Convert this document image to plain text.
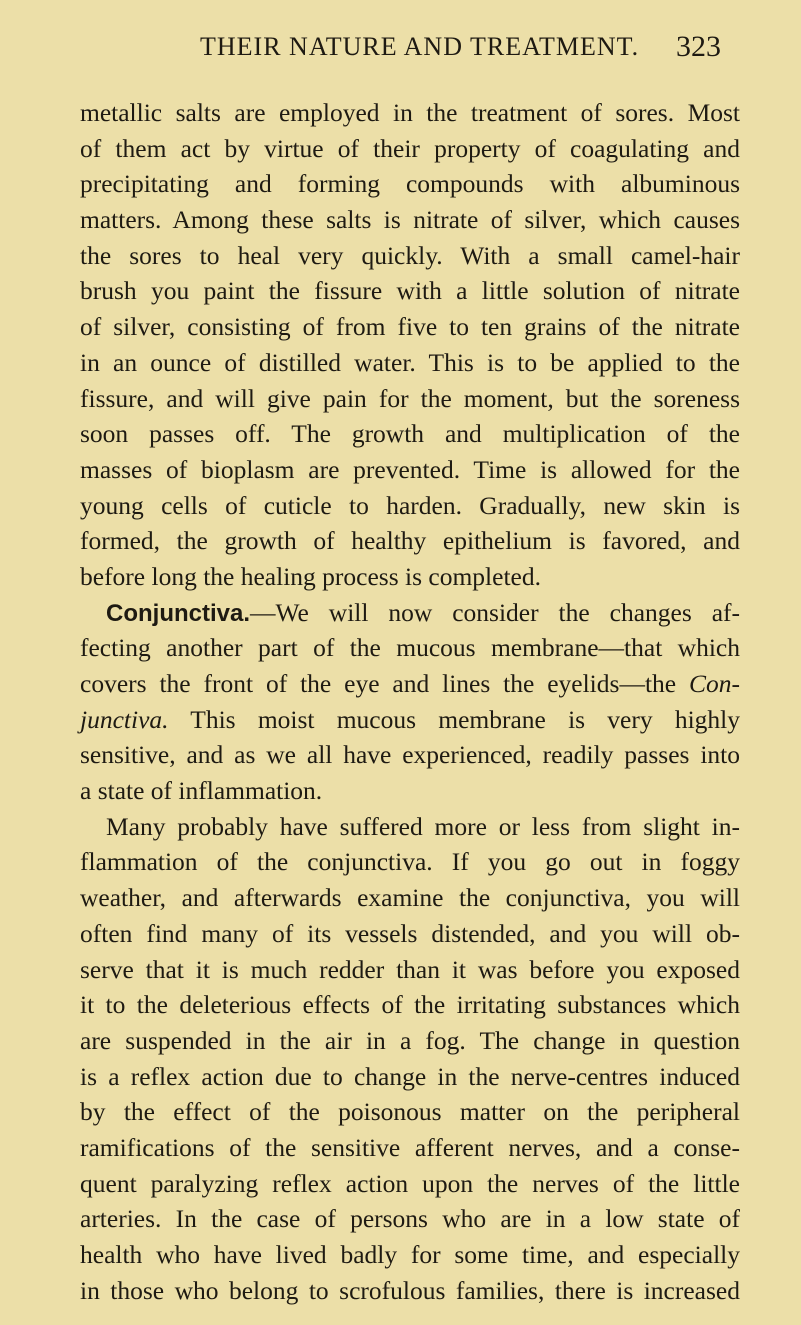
THEIR NATURE AND TREATMENT. 323
metallic salts are employed in the treatment of sores. Most
of them act by virtue of their property of coagulating and
precipitating and forming compounds with albuminous
matters. Among these salts is nitrate of silver, which causes
the sores to heal very quickly. With a small camel-hair
brush you paint the fissure with a little solution of nitrate
of silver, consisting of from five to ten grains of the nitrate
in an ounce of distilled water. This is to be applied to the
fissure, and will give pain for the moment, but the soreness
soon passes off. The growth and multiplication of the
masses of bioplasm are prevented. Time is allowed for the
young cells of cuticle to harden. Gradually, new skin is
formed, the growth of healthy epithelium is favored, and
before long the healing process is completed.
Conjunctiva.—We will now consider the changes af-
fecting another part of the mucous membrane—that which
covers the front of the eye and lines the eyelids—the Con-
junctiva. This moist mucous membrane is very highly
sensitive, and as we all have experienced, readily passes into
a state of inflammation.
Many probably have suffered more or less from slight in-
flammation of the conjunctiva. If you go out in foggy
weather, and afterwards examine the conjunctiva, you will
often find many of its vessels distended, and you will ob-
serve that it is much redder than it was before you exposed
it to the deleterious effects of the irritating substances which
are suspended in the air in a fog. The change in question
is a reflex action due to change in the nerve-centres induced
by the effect of the poisonous matter on the peripheral
ramifications of the sensitive afferent nerves, and a conse-
quent paralyzing reflex action upon the nerves of the little
arteries. In the case of persons who are in a low state of
health who have lived badly for some time, and especially
in those who belong to scrofulous families, there is increased
